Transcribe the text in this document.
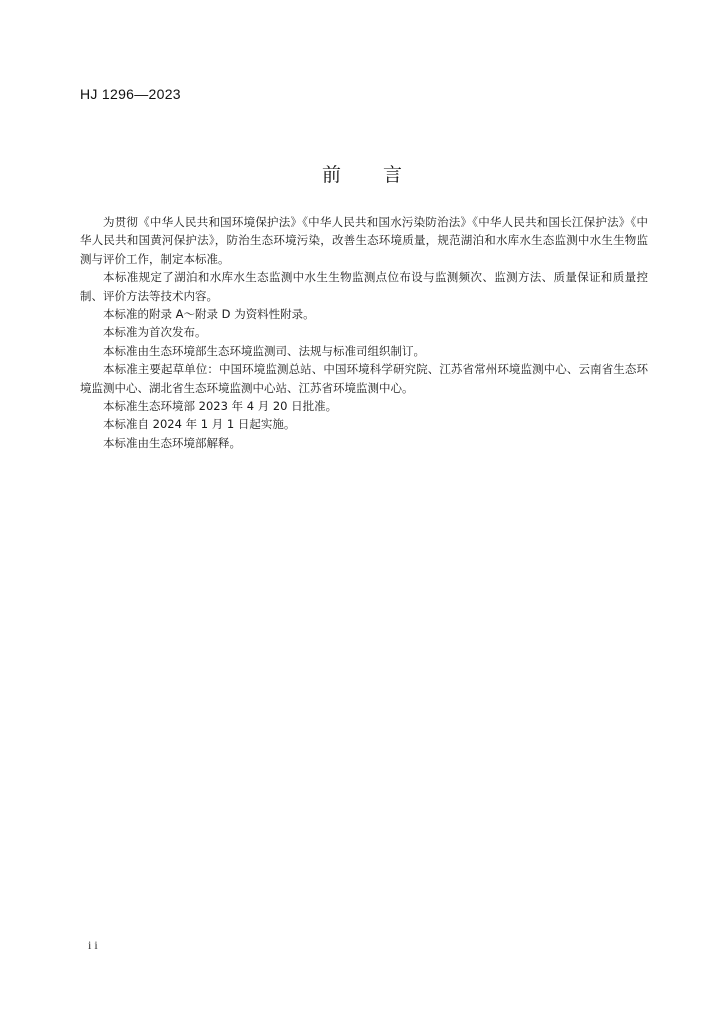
HJ 1296—2023
前言

为贯彻《中华人民共和国环境保护法》《中华人民共和国水污染防治法》《中华人民共和国长江保护法》《中华人民共和国黄河保护法》，防治生态环境污染，改善生态环境质量，规范湖泊和水库水生态监测中水生生物监测与评价工作，制定本标准。

本标准规定了湖泊和水库水生态监测中水生生物监测点位布设与监测频次、监测方法、质量保证和质量控制、评价方法等技术内容。

本标准的附录 A～附录 D 为资料性附录。

本标准为首次发布。

本标准由生态环境部生态环境监测司、法规与标准司组织制订。

本标准主要起草单位：中国环境监测总站、中国环境科学研究院、江苏省常州环境监测中心、云南省生态环境监测中心、湖北省生态环境监测中心站、江苏省环境监测中心。

本标准生态环境部 2023 年 4 月 20 日批准。

本标准自 2024 年 1 月 1 日起实施。

本标准由生态环境部解释。

i i
